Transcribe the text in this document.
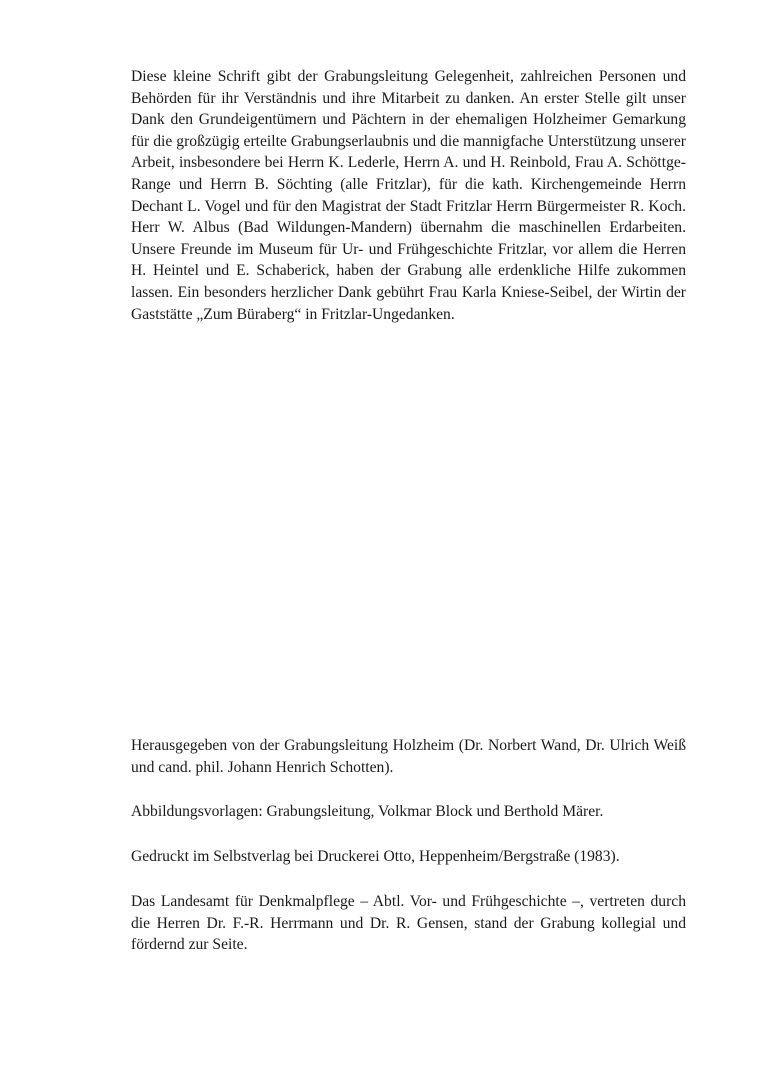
Diese kleine Schrift gibt der Grabungsleitung Gelegenheit, zahlreichen Personen und Behörden für ihr Verständnis und ihre Mitarbeit zu danken. An erster Stelle gilt unser Dank den Grundeigentümern und Pächtern in der ehemaligen Holzheimer Gemarkung für die großzügig erteilte Grabungserlaubnis und die mannigfache Unterstützung unserer Arbeit, insbesondere bei Herrn K. Lederle, Herrn A. und H. Reinbold, Frau A. Schöttge-Range und Herrn B. Söchting (alle Fritzlar), für die kath. Kirchengemeinde Herrn Dechant L. Vogel und für den Magistrat der Stadt Fritzlar Herrn Bürgermeister R. Koch. Herr W. Albus (Bad Wildungen-Mandern) übernahm die maschinellen Erdarbeiten. Unsere Freunde im Museum für Ur- und Frühgeschichte Fritzlar, vor allem die Herren H. Heintel und E. Schaberick, haben der Grabung alle erdenkliche Hilfe zukommen lassen. Ein besonders herzlicher Dank gebührt Frau Karla Kniese-Seibel, der Wirtin der Gaststätte „Zum Büraberg“ in Fritzlar-Ungedanken.

Herausgegeben von der Grabungsleitung Holzheim (Dr. Norbert Wand, Dr. Ulrich Weiß und cand. phil. Johann Henrich Schotten).

Abbildungsvorlagen: Grabungsleitung, Volkmar Block und Berthold Märer.

Gedruckt im Selbstverlag bei Druckerei Otto, Heppenheim/Bergstraße (1983).

Das Landesamt für Denkmalpflege – Abtl. Vor- und Frühgeschichte –, vertreten durch die Herren Dr. F.-R. Herrmann und Dr. R. Gensen, stand der Grabung kollegial und fördernd zur Seite.
